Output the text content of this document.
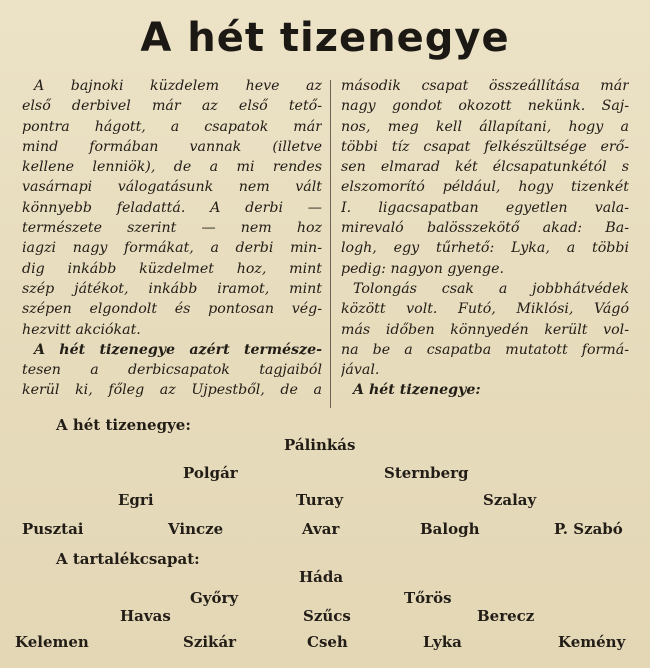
A hét tizenegye
A bajnoki küzdelem heve az
első derbivel már az első tető-
pontra hágott, a csapatok már
mind formában vannak (illetve
kellene lenniök), de a mi rendes
vasárnapi válogatásunk nem vált
könnyebb feladattá. A derbi —
természete szerint — nem hoz
iagzi nagy formákat, a derbi min-
dig inkább küzdelmet hoz, mint
szép játékot, inkább iramot, mint
szépen elgondolt és pontosan vég-
hezvitt akciókat.
A hét tizenegye azért természe-
tesen a derbicsapatok tagjaiból
kerül ki, főleg az Ujpestből, de a
második csapat összeállítása már
nagy gondot okozott nekünk. Saj-
nos, meg kell állapítani, hogy a
többi tíz csapat felkészültsége erő-
sen elmarad két élcsapatunkétól s
elszomorító például, hogy tizenkét
I. ligacsapatban egyetlen vala-
mirevaló balösszekötő akad: Ba-
logh, egy tűrhető: Lyka, a többi
pedig: nagyon gyenge.
Tolongás csak a jobbhátvédek
között volt. Futó, Miklósi, Vágó
más időben könnyedén került vol-
na be a csapatba mutatott formá-
jával.
A hét tizenegye:
A hét tizenegye:
Pálinkás
Polgár	Sternberg
Egri	Turay	Szalay
Pusztai	Vincze	Avar	Balogh	P. Szabó
A tartalékcsapat:
Háda
Győry	Tőrös
Havas	Szűcs	Berecz
Kelemen	Szikár	Cseh	Lyka	Kemény
